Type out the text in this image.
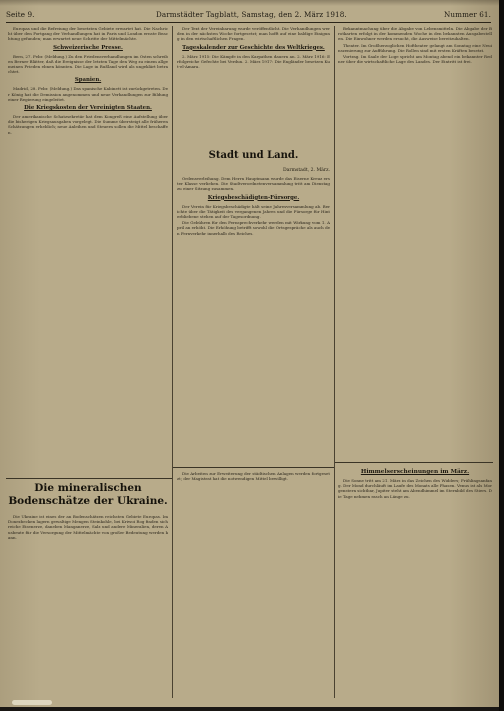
Seite 9.	Darmstädter Tagblatt, Samstag, den 2. März 1918.	Nummer 61.

Europas und die Befreiung der besetzten Gebiete erwartet hat. Die Nachricht über den Fortgang der Verhandlungen hat in Paris und London ernste Beachtung gefunden; man erwartet neue Schritte der Mittelmächte.

Schweizerische Presse.

Bern, 27. Febr. (Meldung.) Zu den Friedensverhandlungen im Osten schreiben Berner Blätter, daß die Ereignisse der letzten Tage den Weg zu einem allgemeinen Frieden ebnen könnten. Die Lage in Rußland wird als ungeklärt betrachtet.

Spanien.

Madrid, 28. Febr. (Meldung.) Das spanische Kabinett ist zurückgetreten. Der König hat die Demission angenommen und neue Verhandlungen zur Bildung einer Regierung eingeleitet.

Die Kriegskosten der Vereinigten Staaten.

Der amerikanische Schatzsekretär hat dem Kongreß eine Aufstellung über die bisherigen Kriegsausgaben vorgelegt. Die Summe übersteigt alle früheren Schätzungen erheblich; neue Anleihen und Steuern sollen die Mittel beschaffen.

Die mineralischen Bodenschätze der Ukraine.

Die Ukraine ist eines der an Bodenschätzen reichsten Gebiete Europas. Im Donezbecken lagern gewaltige Mengen Steinkohle, bei Kriwoi Rog finden sich reiche Eisenerze, daneben Manganerze, Salz und andere Mineralien, deren Ausbeute für die Versorgung der Mittelmächte von großer Bedeutung werden kann.

Der Text der Vereinbarung wurde veröffentlicht. Die Verhandlungen werden in der nächsten Woche fortgesetzt; man hofft auf eine baldige Einigung in den wirtschaftlichen Fragen.

Tageskalender zur Geschichte des Weltkrieges.

2. März 1915: Die Kämpfe in den Karpathen dauern an. 2. März 1916: Erfolgreiche Gefechte bei Verdun. 2. März 1917: Die Engländer besetzen Kut-el-Amara.

Stadt und Land.
Darmstadt, 2. März.

Ordensverleihung. Dem Herrn Hauptmann wurde das Eiserne Kreuz erster Klasse verliehen. Die Stadtverordnetenversammlung tritt am Dienstag zu einer Sitzung zusammen.

Kriegsbeschädigten-Fürsorge.

Der Verein für Kriegsbeschädigte hält seine Jahresversammlung ab. Berichte über die Tätigkeit des vergangenen Jahres und die Fürsorge für Hinterbliebene stehen auf der Tagesordnung.

Die Gebühren für den Fernsprechverkehr werden mit Wirkung vom 1. April an erhöht. Die Erhöhung betrifft sowohl die Ortsgespräche als auch den Fernverkehr innerhalb des Reiches.

Die Arbeiten zur Erweiterung der städtischen Anlagen werden fortgesetzt; der Magistrat hat die notwendigen Mittel bewilligt.

Bekanntmachung über die Abgabe von Lebensmitteln. Die Abgabe der Brotkarten erfolgt in der kommenden Woche in den bekannten Ausgabestellen. Die Einwohner werden ersucht, die Ausweise bereitzuhalten.

Theater. Im Großherzoglichen Hoftheater gelangt am Sonntag eine Neuinszenierung zur Aufführung. Die Rollen sind mit ersten Kräften besetzt.

Vortrag. Im Saale der Loge spricht am Montag abend ein bekannter Redner über die wirtschaftliche Lage des Landes. Der Eintritt ist frei.

Himmelserscheinungen im März.

Die Sonne tritt am 21. März in das Zeichen des Widders; Frühlingsanfang. Der Mond durchläuft im Laufe des Monats alle Phasen. Venus ist als Morgenstern sichtbar, Jupiter steht am Abendhimmel im Sternbild des Stiers. Die Tage nehmen rasch an Länge zu.
